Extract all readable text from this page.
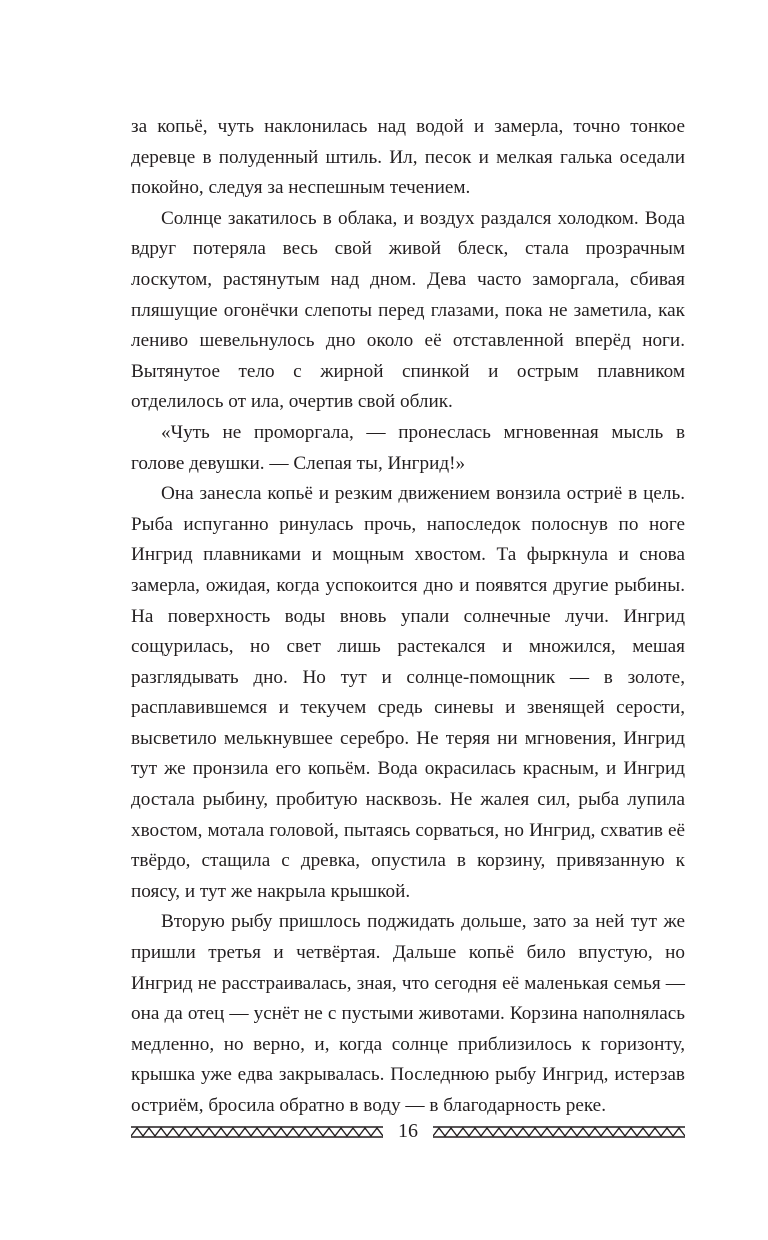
за копьё, чуть наклонилась над водой и замерла, точно тонкое деревце в полуденный штиль. Ил, песок и мелкая галька оседали покойно, следуя за неспешным течением.

Солнце закатилось в облака, и воздух раздался холодком. Вода вдруг потеряла весь свой живой блеск, стала прозрачным лоскутом, растянутым над дном. Дева часто заморгала, сбивая пляшущие огонёчки слепоты перед глазами, пока не заметила, как лениво шевельнулось дно около её отставленной вперёд ноги. Вытянутое тело с жирной спинкой и острым плавником отделилось от ила, очертив свой облик.

«Чуть не проморгала, — пронеслась мгновенная мысль в голове девушки. — Слепая ты, Ингрид!»

Она занесла копьё и резким движением вонзила остриё в цель. Рыба испуганно ринулась прочь, напоследок полоснув по ноге Ингрид плавниками и мощным хвостом. Та фыркнула и снова замерла, ожидая, когда успокоится дно и появятся другие рыбины. На поверхность воды вновь упали солнечные лучи. Ингрид сощурилась, но свет лишь растекался и множился, мешая разглядывать дно. Но тут и солнце-помощник — в золоте, расплавившемся и текучем средь синевы и звенящей серости, высветило мелькнувшее серебро. Не теряя ни мгновения, Ингрид тут же пронзила его копьём. Вода окрасилась красным, и Ингрид достала рыбину, пробитую насквозь. Не жалея сил, рыба лупила хвостом, мотала головой, пытаясь сорваться, но Ингрид, схватив её твёрдо, стащила с древка, опустила в корзину, привязанную к поясу, и тут же накрыла крышкой.

Вторую рыбу пришлось поджидать дольше, зато за ней тут же пришли третья и четвёртая. Дальше копьё било впустую, но Ингрид не расстраивалась, зная, что сегодня её маленькая семья — она да отец — уснёт не с пустыми животами. Корзина наполнялась медленно, но верно, и, когда солнце приблизилось к горизонту, крышка уже едва закрывалась. Последнюю рыбу Ингрид, истерзав остриём, бросила обратно в воду — в благодарность реке.

16
